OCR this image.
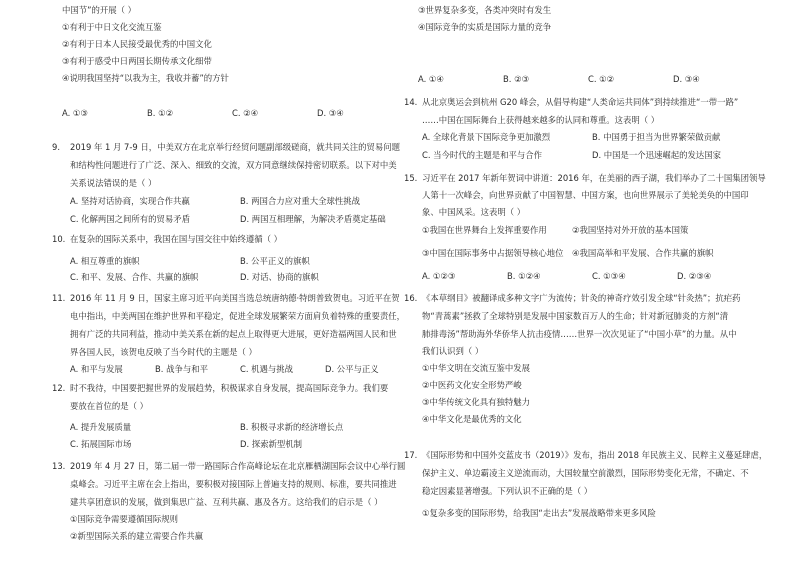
中国节”的开展（ ）
①有利于中日文化交流互鉴
②有利于日本人民接受最优秀的中国文化
③有利于感受中日两国长期传承文化细带
④说明我国坚持“以我为主，我收并蓄”的方针
A. ①③	B. ①②	C. ②④	D. ③④
9. 2019 年 1 月 7-9 日，中美双方在北京举行经贸问题副部级磋商，就共同关注的贸易问题
和结构性问题进行了广泛、深入、细致的交流，双方同意继续保持密切联系。以下对中美
关系说法错误的是（ ）
A. 坚持对话协商，实现合作共赢	B. 两国合力应对重大全球性挑战
C. 化解两国之间所有的贸易矛盾	D. 两国互相理解，为解决矛盾奠定基础
10. 在复杂的国际关系中，我国在国与国交往中始终遵循（ ）
A. 相互尊重的旗帜	B. 公平正义的旗帜
C. 和平、发展、合作、共赢的旗帜	D. 对话、协商的旗帜
11. 2016 年 11 月 9 日，国家主席习近平向美国当选总统唐纳德·特朗普致贺电。习近平在贺
电中指出，中美两国在维护世界和平稳定，促进全球发展繁荣方面肩负着特殊的重要责任，
拥有广泛的共同利益，推动中美关系在新的起点上取得更大进展，更好造福两国人民和世
界各国人民，该贺电反映了当今时代的主题是（ ）
A. 和平与发展	B. 战争与和平	C. 机遇与挑战	D. 公平与正义
12. 时不我待，中国要把握世界的发展趋势，积极谋求自身发展，提高国际竞争力。我们要
要放在首位的是（ ）
A. 提升发展质量	B. 积极寻求新的经济增长点
C. 拓展国际市场	D. 探索新型机制
13. 2019 年 4 月 27 日，第二届一带一路国际合作高峰论坛在北京雁栖湖国际会议中心举行圆
桌峰会。习近平主席在会上指出，要积极对接国际上普遍支持的规则、标准，要共同推进
建共享团意识的发展，做到集思广益、互利共赢、惠及各方。这给我们的启示是（ ）
①国际竞争需要遵循国际规则
②新型国际关系的建立需要合作共赢
③世界复杂多变，各类冲突时有发生
④国际竞争的实质是国际力量的竞争
A. ①④	B. ②③	C. ①②	D. ③④
14. 从北京奥运会到杭州 G20 峰会，从倡导构建“人类命运共同体”到持续推进“一带一路”
……中国在国际舞台上获得越来越多的认同和尊重。这表明（ ）
A. 全球化背景下国际竞争更加激烈	B. 中国勇于担当为世界繁荣做贡献
C. 当今时代的主题是和平与合作	D. 中国是一个迅速崛起的发达国家
15. 习近平在 2017 年新年贺词中讲道：2016 年，在美丽的西子湖，我们举办了二十国集团领导
人第十一次峰会，向世界贡献了中国智慧、中国方案，也向世界展示了美轮美奂的中国印
象、中国风采。这表明（ ）
①我国在世界舞台上发挥重要作用	②我国坚持对外开放的基本国策
③中国在国际事务中占据领导核心地位 ④我国高举和平发展、合作共赢的旗帜
A. ①②③	B. ①②④	C. ①③④	D. ②③④
16. 《本草纲目》被翻译成多种文字广为流传；针灸的神奇疗效引发全球“针灸热”；抗疟药
物“青蒿素”拯救了全球特别是发展中国家数百万人的生命；针对新冠肺炎的方剂“清
肺排毒汤”帮助海外华侨华人抗击疫情……世界一次次见证了“中国小草”的力量。从中
我们认识到（ ）
①中华文明在交流互鉴中发展
②中医药文化安全形势严峻
③中华传统文化具有独特魅力
④中华文化是最优秀的文化
17. 《国际形势和中国外交蓝皮书（2019）》发布，指出 2018 年民族主义、民粹主义蔓延肆虐，
保护主义、单边霸凌主义逆流而动，大国较量空前激烈，国际形势变化无常，不确定、不
稳定因素显著增强。下列认识不正确的是（ ）
①复杂多变的国际形势，给我国“走出去”发展战略带来更多风险
